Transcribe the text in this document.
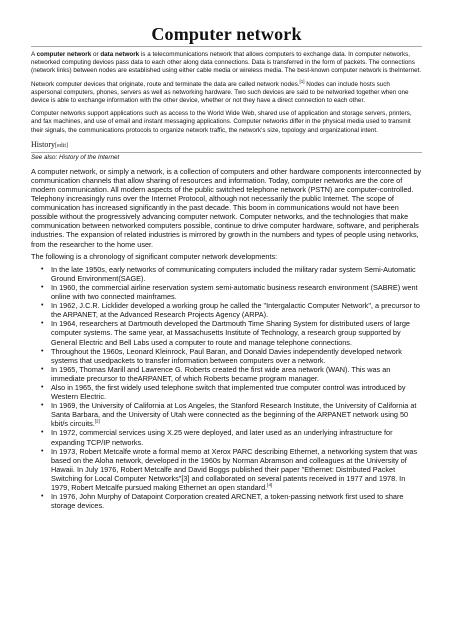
Computer network

A computer network or data network is a telecommunications network that allows computers to exchange data. In computer networks, networked computing devices pass data to each other along data connections. Data is transferred in the form of packets. The connections (network links) between nodes are established using either cable media or wireless media. The best-known computer network is theInternet.

Network computer devices that originate, route and terminate the data are called network nodes.[1] Nodes can include hosts such aspersonal computers, phones, servers as well as networking hardware. Two such devices are said to be networked together when one device is able to exchange information with the other device, whether or not they have a direct connection to each other.

Computer networks support applications such as access to the World Wide Web, shared use of application and storage servers, printers, and fax machines, and use of email and instant messaging applications. Computer networks differ in the physical media used to transmit their signals, the communications protocols to organize network traffic, the network's size, topology and organizational intent.

History[edit]
See also: History of the Internet

A computer network, or simply a network, is a collection of computers and other hardware components interconnected by communication channels that allow sharing of resources and information. Today, computer networks are the core of modern communication. All modern aspects of the public switched telephone network (PSTN) are computer-controlled. Telephony increasingly runs over the Internet Protocol, although not necessarily the public Internet. The scope of communication has increased significantly in the past decade. This boom in communications would not have been possible without the progressively advancing computer network. Computer networks, and the technologies that make communication between networked computers possible, continue to drive computer hardware, software, and peripherals industries. The expansion of related industries is mirrored by growth in the numbers and types of people using networks, from the researcher to the home user.

The following is a chronology of significant computer network developments:

• In the late 1950s, early networks of communicating computers included the military radar system Semi-Automatic Ground Environment(SAGE).
• In 1960, the commercial airline reservation system semi-automatic business research environment (SABRE) went online with two connected mainframes.
• In 1962, J.C.R. Licklider developed a working group he called the "Intergalactic Computer Network", a precursor to the ARPANET, at the Advanced Research Projects Agency (ARPA).
• In 1964, researchers at Dartmouth developed the Dartmouth Time Sharing System for distributed users of large computer systems. The same year, at Massachusetts Institute of Technology, a research group supported by General Electric and Bell Labs used a computer to route and manage telephone connections.
• Throughout the 1960s, Leonard Kleinrock, Paul Baran, and Donald Davies independently developed network systems that usedpackets to transfer information between computers over a network.
• In 1965, Thomas Marill and Lawrence G. Roberts created the first wide area network (WAN). This was an immediate precursor to theARPANET, of which Roberts became program manager.
• Also in 1965, the first widely used telephone switch that implemented true computer control was introduced by Western Electric.
• In 1969, the University of California at Los Angeles, the Stanford Research Institute, the University of California at Santa Barbara, and the University of Utah were connected as the beginning of the ARPANET network using 50 kbit/s circuits.[2]
• In 1972, commercial services using X.25 were deployed, and later used as an underlying infrastructure for expanding TCP/IP networks.
• In 1973, Robert Metcalfe wrote a formal memo at Xerox PARC describing Ethernet, a networking system that was based on the Aloha network, developed in the 1960s by Norman Abramson and colleagues at the University of Hawaii. In July 1976, Robert Metcalfe and David Boggs published their paper "Ethernet: Distributed Packet Switching for Local Computer Networks"[3] and collaborated on several patents received in 1977 and 1978. In 1979, Robert Metcalfe pursued making Ethernet an open standard.[4]
• In 1976, John Murphy of Datapoint Corporation created ARCNET, a token-passing network first used to share storage devices.
